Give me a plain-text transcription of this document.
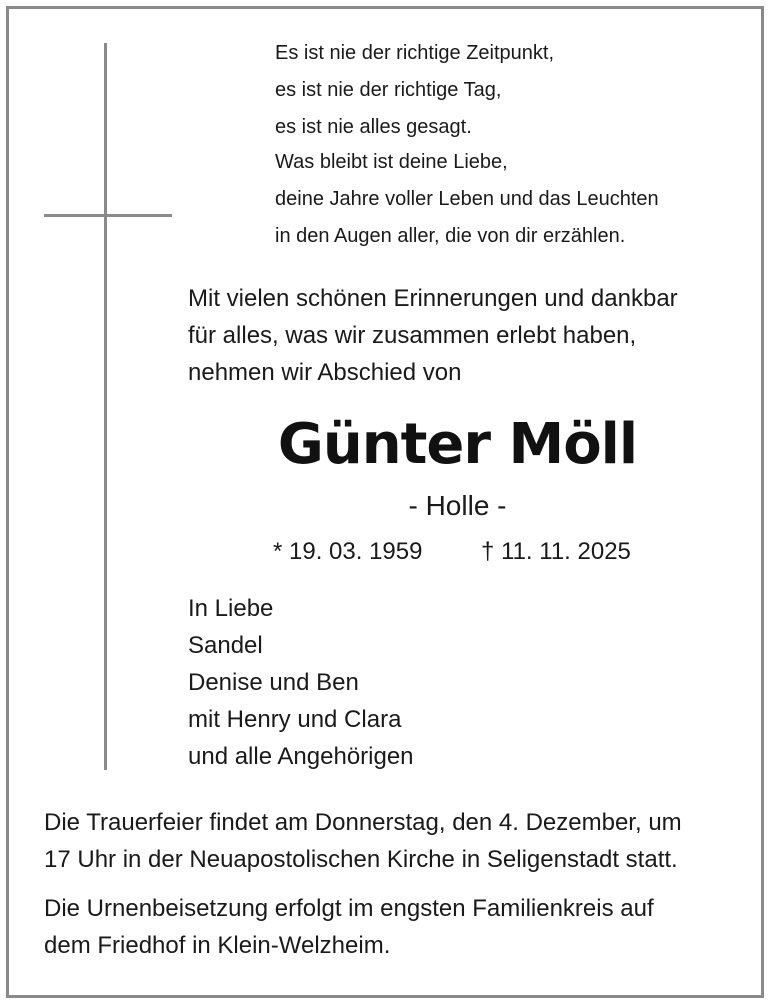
Es ist nie der richtige Zeitpunkt,
es ist nie der richtige Tag,
es ist nie alles gesagt.
Was bleibt ist deine Liebe,
deine Jahre voller Leben und das Leuchten
in den Augen aller, die von dir erzählen.
Mit vielen schönen Erinnerungen und dankbar
für alles, was wir zusammen erlebt haben,
nehmen wir Abschied von
Günter Möll
- Holle -
* 19. 03. 1959 † 11. 11. 2025
In Liebe
Sandel
Denise und Ben
mit Henry und Clara
und alle Angehörigen
Die Trauerfeier findet am Donnerstag, den 4. Dezember, um
17 Uhr in der Neuapostolischen Kirche in Seligenstadt statt.
Die Urnenbeisetzung erfolgt im engsten Familienkreis auf
dem Friedhof in Klein-Welzheim.
